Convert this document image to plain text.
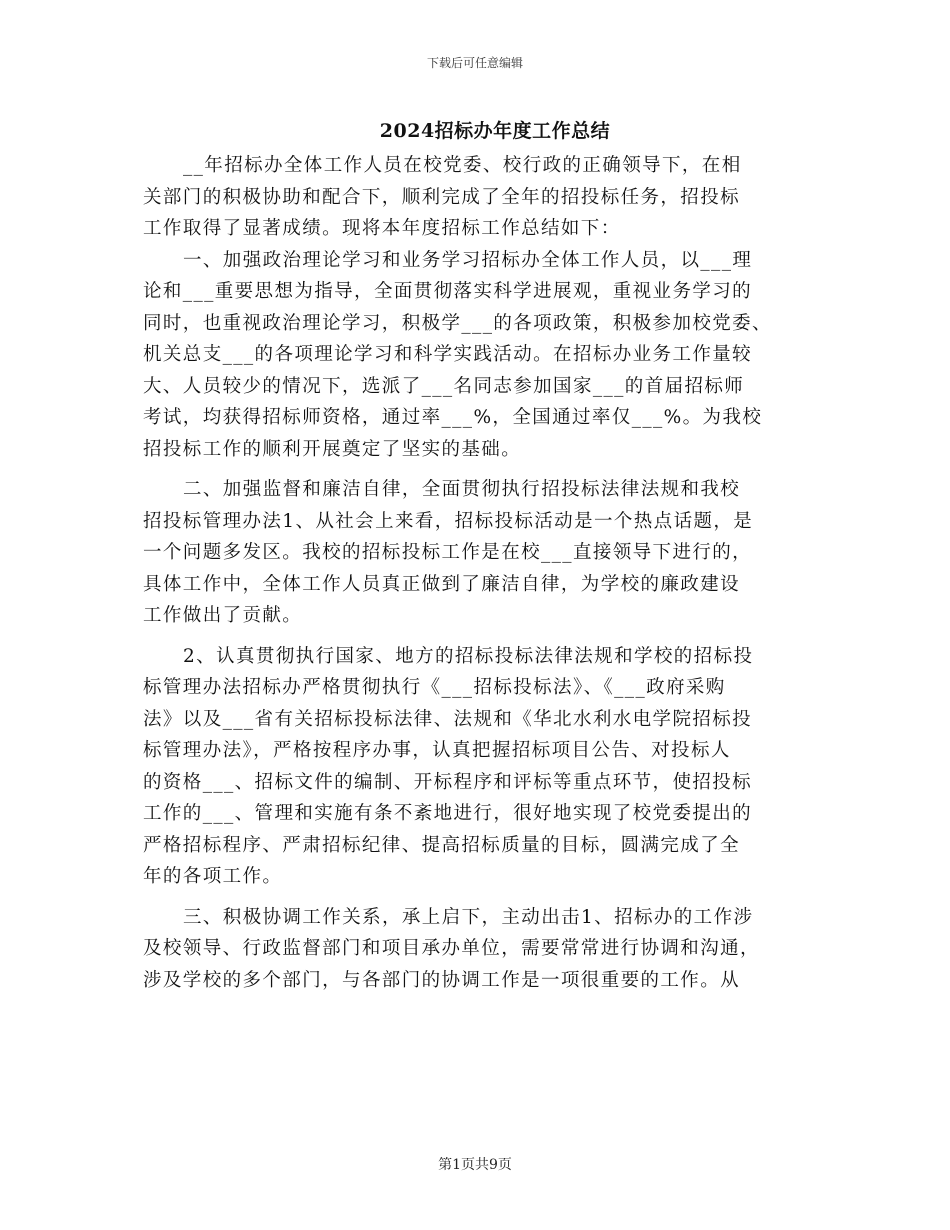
下载后可任意编辑
2024招标办年度工作总结

__年招标办全体工作人员在校党委、校行政的正确领导下，在相
关部门的积极协助和配合下，顺利完成了全年的招投标任务，招投标
工作取得了显著成绩。现将本年度招标工作总结如下：

一、加强政治理论学习和业务学习招标办全体工作人员，以___理
论和___重要思想为指导，全面贯彻落实科学进展观，重视业务学习的
同时，也重视政治理论学习，积极学___的各项政策，积极参加校党委、
机关总支___的各项理论学习和科学实践活动。在招标办业务工作量较
大、人员较少的情况下，选派了___名同志参加国家___的首届招标师
考试，均获得招标师资格，通过率___%，全国通过率仅___%。为我校
招投标工作的顺利开展奠定了坚实的基础。

二、加强监督和廉洁自律，全面贯彻执行招投标法律法规和我校
招投标管理办法1、从社会上来看，招标投标活动是一个热点话题，是
一个问题多发区。我校的招标投标工作是在校___直接领导下进行的，
具体工作中，全体工作人员真正做到了廉洁自律，为学校的廉政建设
工作做出了贡献。

2、认真贯彻执行国家、地方的招标投标法律法规和学校的招标投
标管理办法招标办严格贯彻执行《___招标投标法》、《___政府采购
法》以及___省有关招标投标法律、法规和《华北水利水电学院招标投
标管理办法》，严格按程序办事，认真把握招标项目公告、对投标人
的资格___、招标文件的编制、开标程序和评标等重点环节，使招投标
工作的___、管理和实施有条不紊地进行，很好地实现了校党委提出的
严格招标程序、严肃招标纪律、提高招标质量的目标，圆满完成了全
年的各项工作。

三、积极协调工作关系，承上启下，主动出击1、招标办的工作涉
及校领导、行政监督部门和项目承办单位，需要常常进行协调和沟通，
涉及学校的多个部门，与各部门的协调工作是一项很重要的工作。从

第1页共9页
